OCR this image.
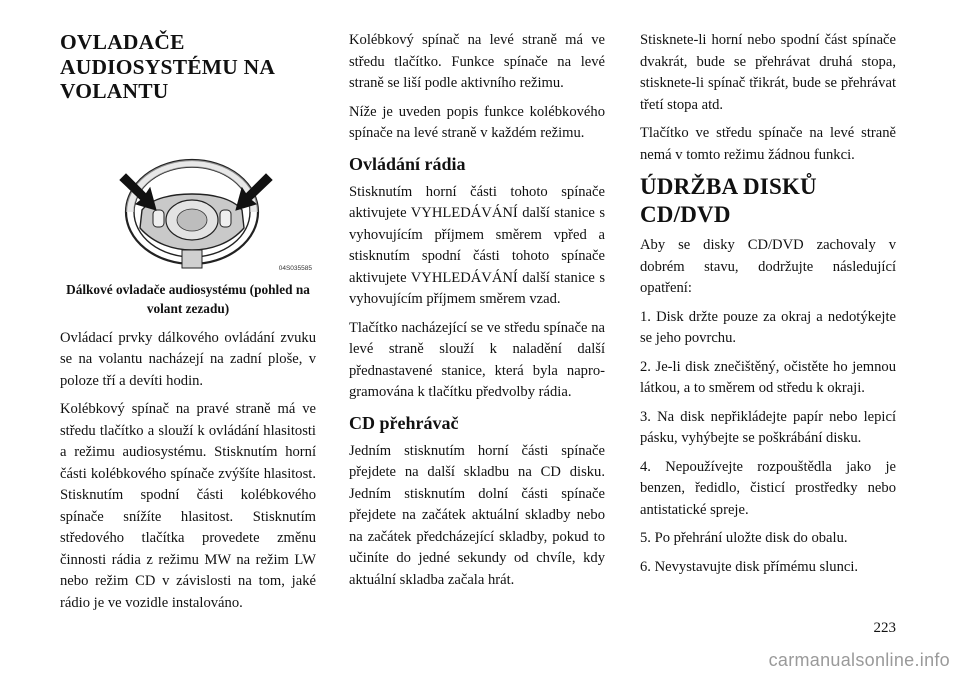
OVLADAČE
AUDIOSYSTÉMU NA
VOLANTU
04S035585
Dálkové ovladače audiosystému (pohled na volant zezadu)

Ovládací prvky dálkového ovládání zvuku se na volantu nacházejí na zadní ploše, v poloze tří a devíti hodin.

Kolébkový spínač na pravé straně má ve středu tlačítko a slouží k ovládání hlasitosti a režimu audiosystému. Stisknutím horní části kolébkového spínače zvýšíte hlasitost. Stisknutím spodní části kolébkového spínače snížíte hlasitost. Stisknutím středového tlačítka provedete změnu činnosti rádia z režimu MW na režim LW nebo režim CD v závislosti na tom, jaké rádio je ve vozidle instalováno.

Kolébkový spínač na levé straně má ve středu tlačítko. Funkce spínače na levé straně se liší podle aktivního režimu.

Níže je uveden popis funkce kolébkového spínače na levé straně v každém režimu.

Ovládání rádia

Stisknutím horní části tohoto spínače aktivujete VYHLEDÁVÁNÍ další stanice s vyhovujícím příjmem směrem vpřed a stisknutím spodní části tohoto spínače aktivujete VYHLEDÁVÁNÍ další stanice s vyhovujícím příjmem směrem vzad.

Tlačítko nacházející se ve středu spínače na levé straně slouží k naladění další přednastavené stanice, která byla naprogramována k tlačítku předvolby rádia.

CD přehrávač

Jedním stisknutím horní části spínače přejdete na další skladbu na CD disku. Jedním stisknutím dolní části spínače přejdete na začátek aktuální skladby nebo na začátek předcházející skladby, pokud to učiníte do jedné sekundy od chvíle, kdy aktuální skladba začala hrát.

Stisknete-li horní nebo spodní část spínače dvakrát, bude se přehrávat druhá stopa, stisknete-li spínač třikrát, bude se přehrávat třetí stopa atd.

Tlačítko ve středu spínače na levé straně nemá v tomto režimu žádnou funkci.

ÚDRŽBA DISKŮ
CD/DVD

Aby se disky CD/DVD zachovaly v dobrém stavu, dodržujte následující opatření:

1. Disk držte pouze za okraj a nedotýkejte se jeho povrchu.

2. Je-li disk znečištěný, očistěte ho jemnou látkou, a to směrem od středu k okraji.

3. Na disk nepřikládejte papír nebo lepicí pásku, vyhýbejte se poškrábání disku.

4. Nepoužívejte rozpouštědla jako je benzen, ředidlo, čisticí prostředky nebo antistatické spreje.

5. Po přehrání uložte disk do obalu.

6. Nevystavujte disk přímému slunci.

223
carmanualsonline.info
